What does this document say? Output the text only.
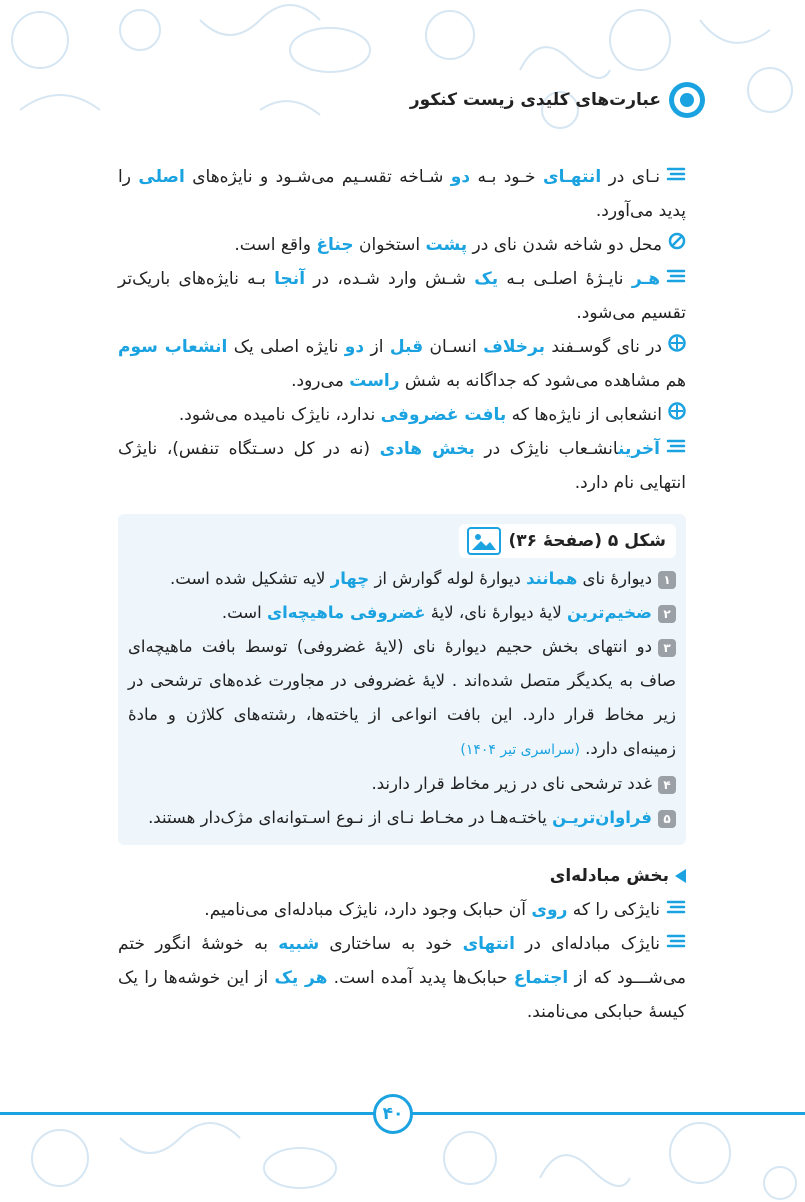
عبارت‌های کلیدی زیست کنکور

نـای در انتهـای خـود بـه دو شـاخه تقسـیم می‌شـود و نایژه‌های اصلی را پدید می‌آورد.

محل دو شاخه شدن نای در پشت استخوان جناغ واقع است.

هـر نایـژهٔ اصلـی بـه یک شـش وارد شـده، در آنجا بـه نایژه‌های باریک‌تر تقسیم می‌شود.

در نای گوسـفند برخلاف انسـان قبل از دو نایژه اصلی یک انشعاب سوم هم مشاهده می‌شود که جداگانه به شش راست می‌رود.

انشعابی از نایژه‌ها که بافت غضروفی ندارد، نایژک نامیده می‌شود.

آخرینانشـعاب نایژک در بخش هادی (نه در کل دسـتگاه تنفس)، نایژک انتهایی نام دارد.

شکل ۵ (صفحهٔ ۳۶)

۱دیوارهٔ نای همانند دیوارهٔ لوله گوارش از چهار لایه تشکیل شده است.

۲ضخیم‌ترین لایهٔ دیوارهٔ نای، لایهٔ غضروفی ماهیچه‌ای است.

۳دو انتهای بخش حجیم دیوارهٔ نای (لایهٔ غضروفی) توسط بافت ماهیچه‌ای صاف به یکدیگر متصل شده‌اند . لایهٔ غضروفی در مجاورت غده‌های ترشحی در زیر مخاط قرار دارد. این بافت انواعی از یاخته‌ها، رشته‌های کلاژن و مادهٔ زمینه‌ای دارد. (سراسری تیر ۱۴۰۴)

۴غدد ترشحی نای در زیر مخاط قرار دارند.

۵فراوان‌تریـن یاختـه‌هـا در مخـاط نـای از نـوع اسـتوانه‌ای مژک‌دار هستند.

بخش مبادله‌ای

نایژکی را که روی آن حبابک وجود دارد، نایژک مبادله‌ای می‌نامیم.

نایژک مبادله‌ای در انتهای خود به ساختاری شبیه به خوشهٔ انگور ختم می‌شـــود که از اجتماع حبابک‌ها پدید آمده است. هر یک از این خوشه‌ها را یک کیسهٔ حبابکی می‌نامند.

۴۰
